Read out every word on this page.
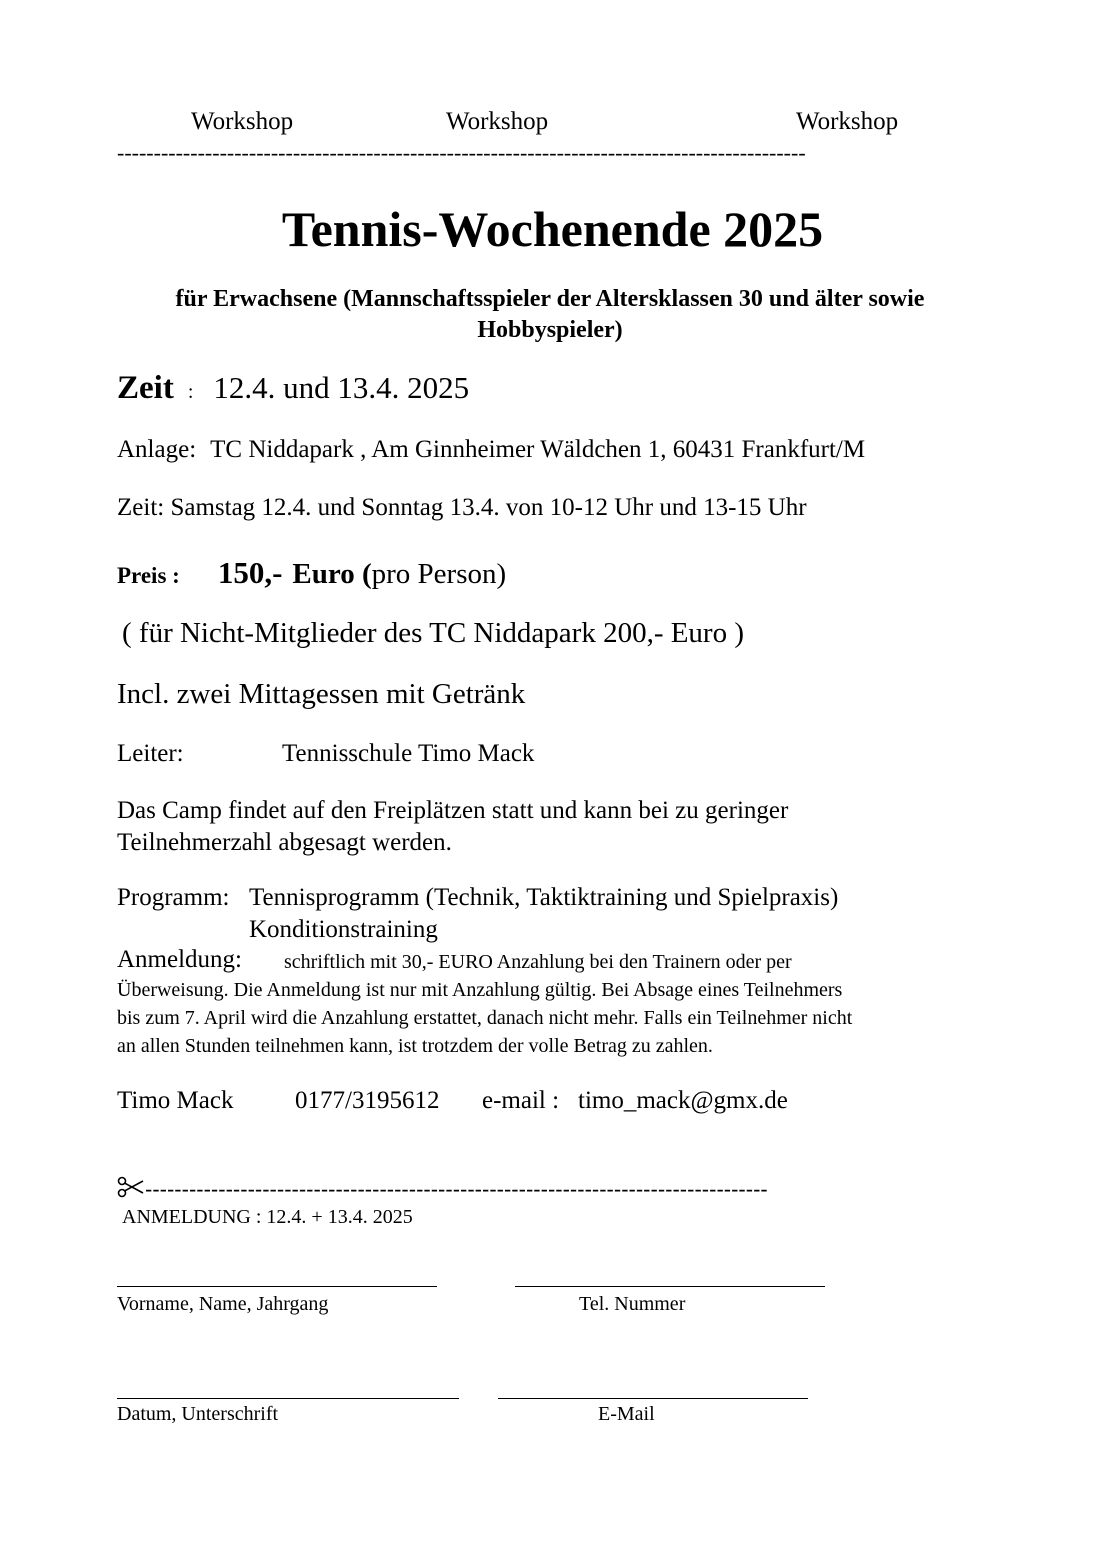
Workshop	Workshop	Workshop
----------------------------------------------------------------------------------------------
Tennis-Wochenende 2025
für Erwachsene (Mannschaftsspieler der Altersklassen 30 und älter sowie Hobbyspieler)
Zeit : 12.4. und 13.4. 2025
Anlage: TC Niddapark , Am Ginnheimer Wäldchen 1, 60431 Frankfurt/M
Zeit: Samstag 12.4. und Sonntag 13.4. von 10-12 Uhr und 13-15 Uhr
Preis : 150,- Euro (pro Person)
( für Nicht-Mitglieder des TC Niddapark 200,- Euro )
Incl. zwei Mittagessen mit Getränk
Leiter:	Tennisschule Timo Mack
Das Camp findet auf den Freiplätzen statt und kann bei zu geringer
Teilnehmerzahl abgesagt werden.
Programm: Tennisprogramm (Technik, Taktiktraining und Spielpraxis)
Konditionstraining
Anmeldung: schriftlich mit 30,- EURO Anzahlung bei den Trainern oder per
Überweisung. Die Anmeldung ist nur mit Anzahlung gültig. Bei Absage eines Teilnehmers
bis zum 7. April wird die Anzahlung erstattet, danach nicht mehr. Falls ein Teilnehmer nicht
an allen Stunden teilnehmen kann, ist trotzdem der volle Betrag zu zahlen.
Timo Mack 0177/3195612 e-mail : timo_mack@gmx.de
-------------------------------------------------------------------------------------
ANMELDUNG : 12.4. + 13.4. 2025
Vorname, Name, Jahrgang	Tel. Nummer
Datum, Unterschrift	E-Mail
